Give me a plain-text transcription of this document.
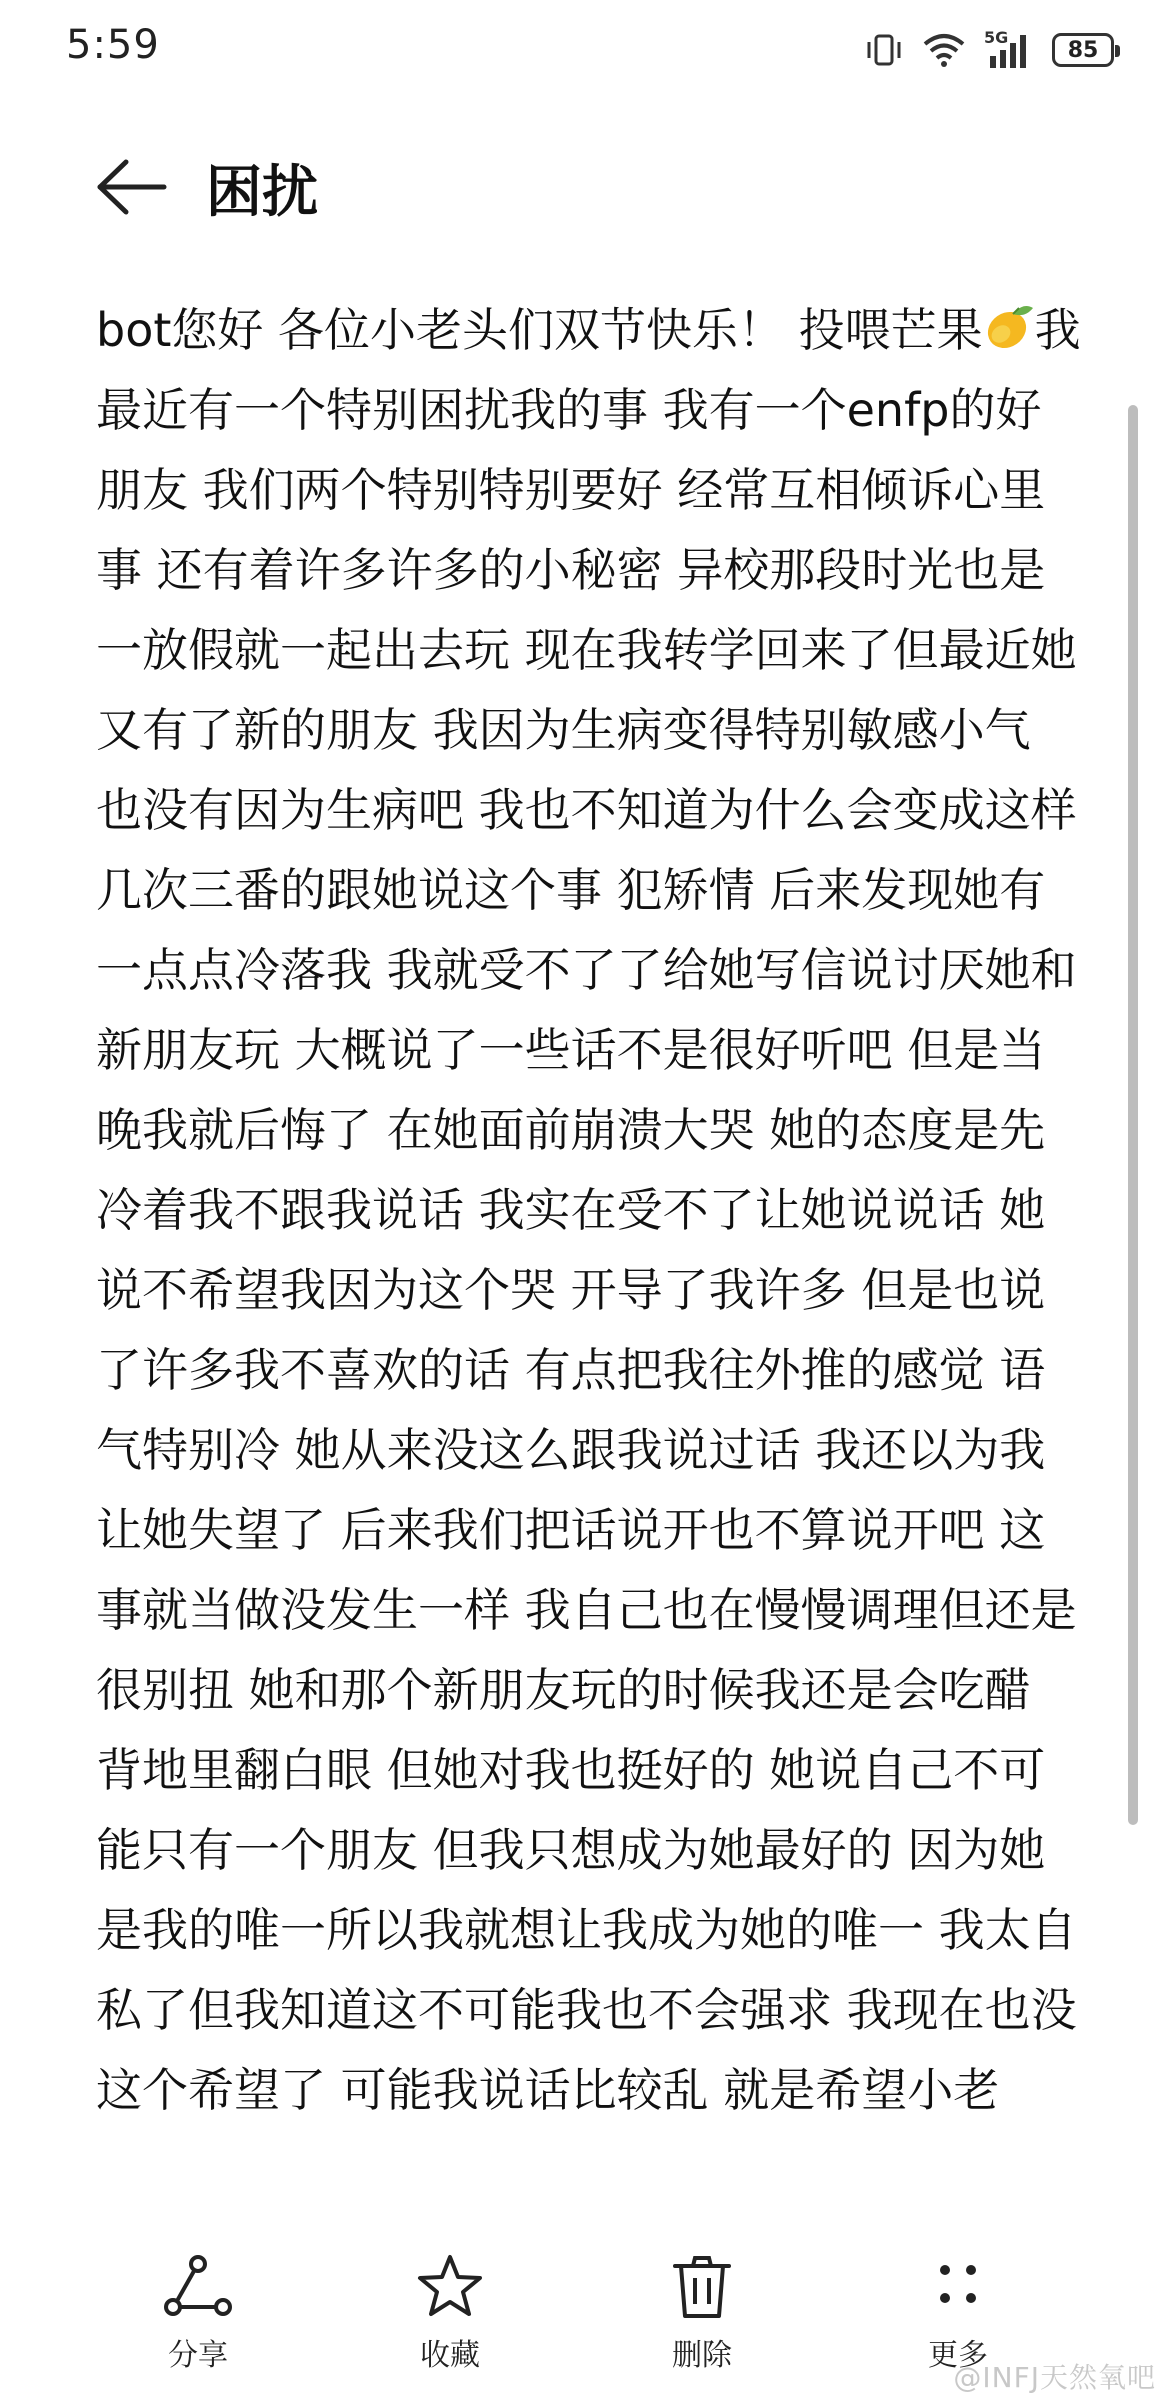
5:59	5G	85
困扰

bot您好 各位小老头们双节快乐！ 投喂芒果 我最近有一个特别困扰我的事 我有一个enfp的好朋友 我们两个特别特别要好 经常互相倾诉心里事 还有着许多许多的小秘密 异校那段时光也是一放假就一起出去玩 现在我转学回来了但最近她又有了新的朋友 我因为生病变得特别敏感小气 也没有因为生病吧 我也不知道为什么会变成这样 几次三番的跟她说这个事 犯矫情 后来发现她有一点点冷落我 我就受不了了给她写信说讨厌她和新朋友玩 大概说了一些话不是很好听吧 但是当晚我就后悔了 在她面前崩溃大哭 她的态度是先冷着我不跟我说话 我实在受不了让她说说话 她说不希望我因为这个哭 开导了我许多 但是也说了许多我不喜欢的话 有点把我往外推的感觉 语气特别冷 她从来没这么跟我说过话 我还以为我让她失望了 后来我们把话说开也不算说开吧 这事就当做没发生一样 我自己也在慢慢调理但还是很别扭 她和那个新朋友玩的时候我还是会吃醋 背地里翻白眼 但她对我也挺好的 她说自己不可能只有一个朋友 但我只想成为她最好的 因为她是我的唯一所以我就想让我成为她的唯一 我太自私了但我知道这不可能我也不会强求 我现在也没这个希望了 可能我说话比较乱 就是希望小老

分享	收藏	删除	更多
@INFJ天然氧吧
